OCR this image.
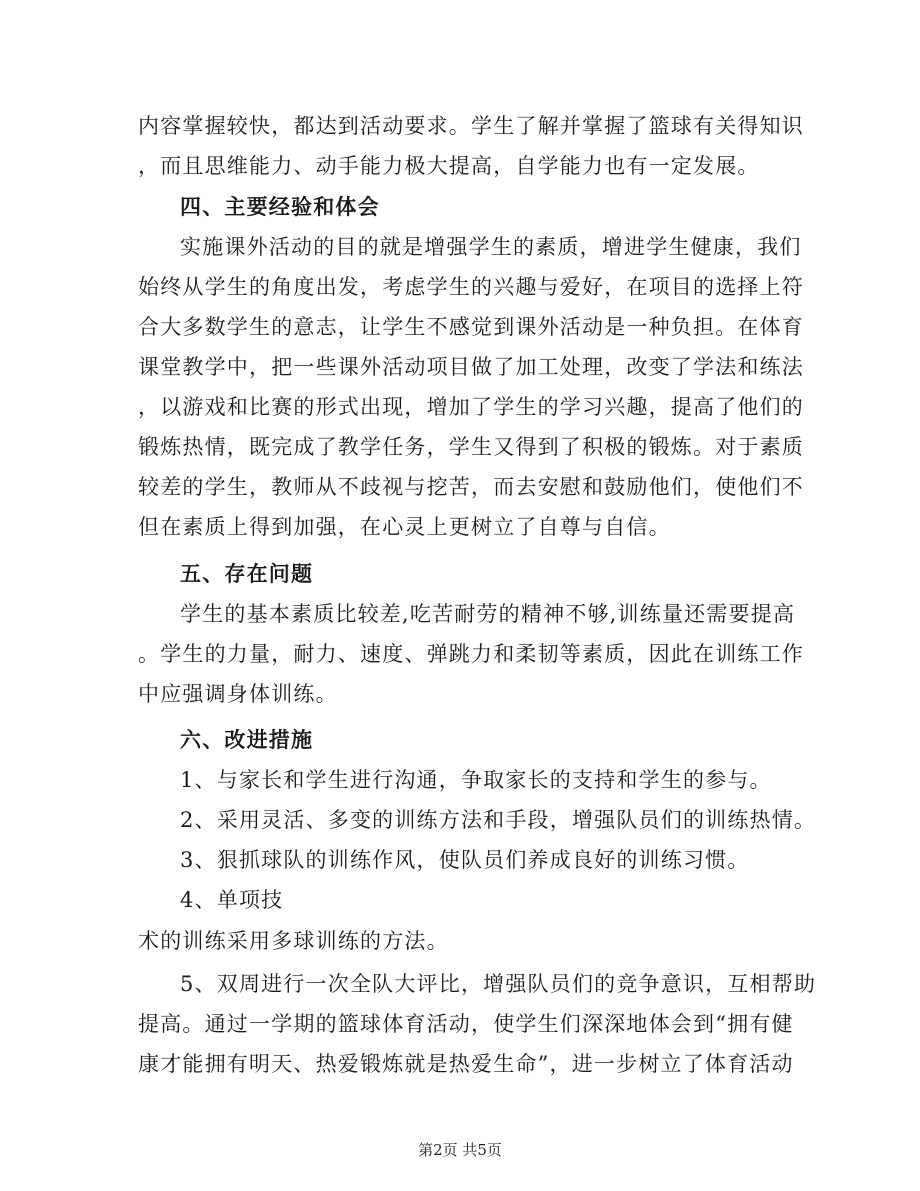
内容掌握较快，都达到活动要求。学生了解并掌握了篮球有关得知识
，而且思维能力、动手能力极大提高，自学能力也有一定发展。
四、主要经验和体会
实施课外活动的目的就是增强学生的素质，增进学生健康，我们
始终从学生的角度出发，考虑学生的兴趣与爱好，在项目的选择上符
合大多数学生的意志，让学生不感觉到课外活动是一种负担。在体育
课堂教学中，把一些课外活动项目做了加工处理，改变了学法和练法
，以游戏和比赛的形式出现，增加了学生的学习兴趣，提高了他们的
锻炼热情，既完成了教学任务，学生又得到了积极的锻炼。对于素质
较差的学生，教师从不歧视与挖苦，而去安慰和鼓励他们，使他们不
但在素质上得到加强，在心灵上更树立了自尊与自信。
五、存在问题
学生的基本素质比较差,吃苦耐劳的精神不够,训练量还需要提高
。学生的力量，耐力、速度、弹跳力和柔韧等素质，因此在训练工作
中应强调身体训练。
六、改进措施
1、与家长和学生进行沟通，争取家长的支持和学生的参与。
2、采用灵活、多变的训练方法和手段，增强队员们的训练热情。
3、狠抓球队的训练作风，使队员们养成良好的训练习惯。
4、单项技
术的训练采用多球训练的方法。
5、双周进行一次全队大评比，增强队员们的竞争意识，互相帮助
提高。通过一学期的篮球体育活动，使学生们深深地体会到“拥有健
康才能拥有明天、热爱锻炼就是热爱生命”，进一步树立了体育活动
第2页 共5页
